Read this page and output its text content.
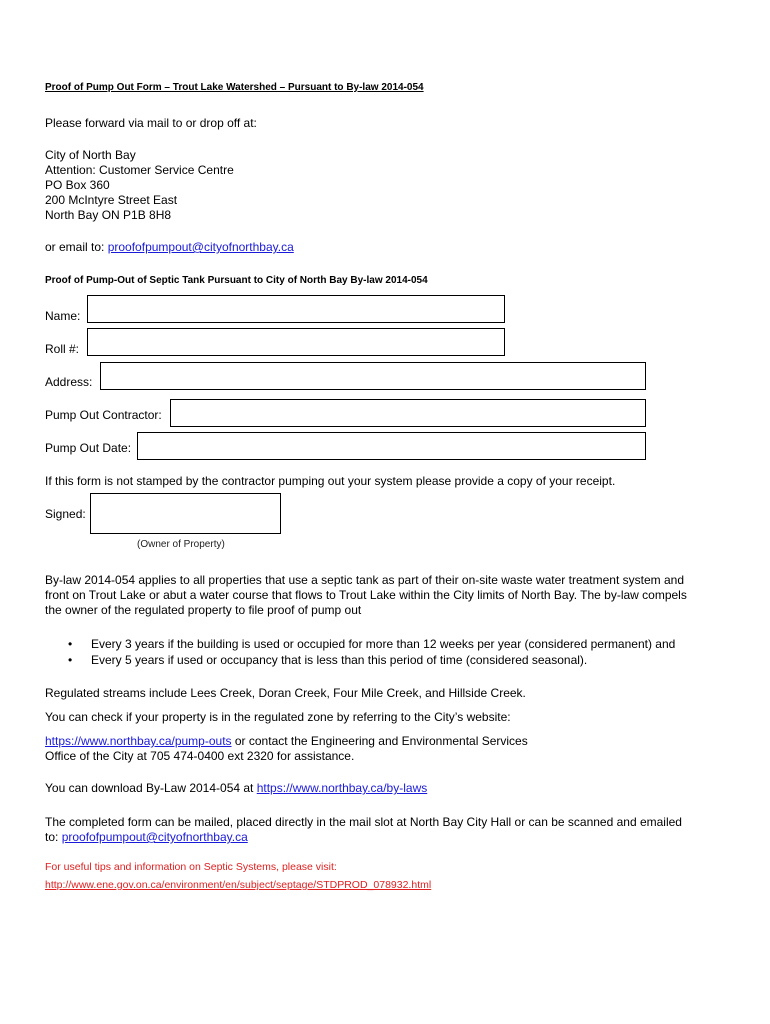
Proof of Pump Out Form – Trout Lake Watershed – Pursuant to By-law 2014-054
Please forward via mail to or drop off at:
City of North Bay
Attention: Customer Service Centre
PO Box 360
200 McIntyre Street East
North Bay ON P1B 8H8
or email to: proofofpumpout@cityofnorthbay.ca
Proof of Pump-Out of Septic Tank Pursuant to City of North Bay By-law 2014-054
Name:
Roll #:
Address:
Pump Out Contractor:
Pump Out Date:
If this form is not stamped by the contractor pumping out your system please provide a copy of your receipt.
Signed:
(Owner of Property)
By-law 2014-054 applies to all properties that use a septic tank as part of their on-site waste water treatment system and
front on Trout Lake or abut a water course that flows to Trout Lake within the City limits of North Bay. The by-law compels
the owner of the regulated property to file proof of pump out
• Every 3 years if the building is used or occupied for more than 12 weeks per year (considered permanent) and
• Every 5 years if used or occupancy that is less than this period of time (considered seasonal).
Regulated streams include Lees Creek, Doran Creek, Four Mile Creek, and Hillside Creek.
You can check if your property is in the regulated zone by referring to the City’s website:
https://www.northbay.ca/pump-outs or contact the Engineering and Environmental Services
Office of the City at 705 474-0400 ext 2320 for assistance.
You can download By-Law 2014-054 at https://www.northbay.ca/by-laws
The completed form can be mailed, placed directly in the mail slot at North Bay City Hall or can be scanned and emailed
to: proofofpumpout@cityofnorthbay.ca
For useful tips and information on Septic Systems, please visit:
http://www.ene.gov.on.ca/environment/en/subject/septage/STDPROD_078932.html
